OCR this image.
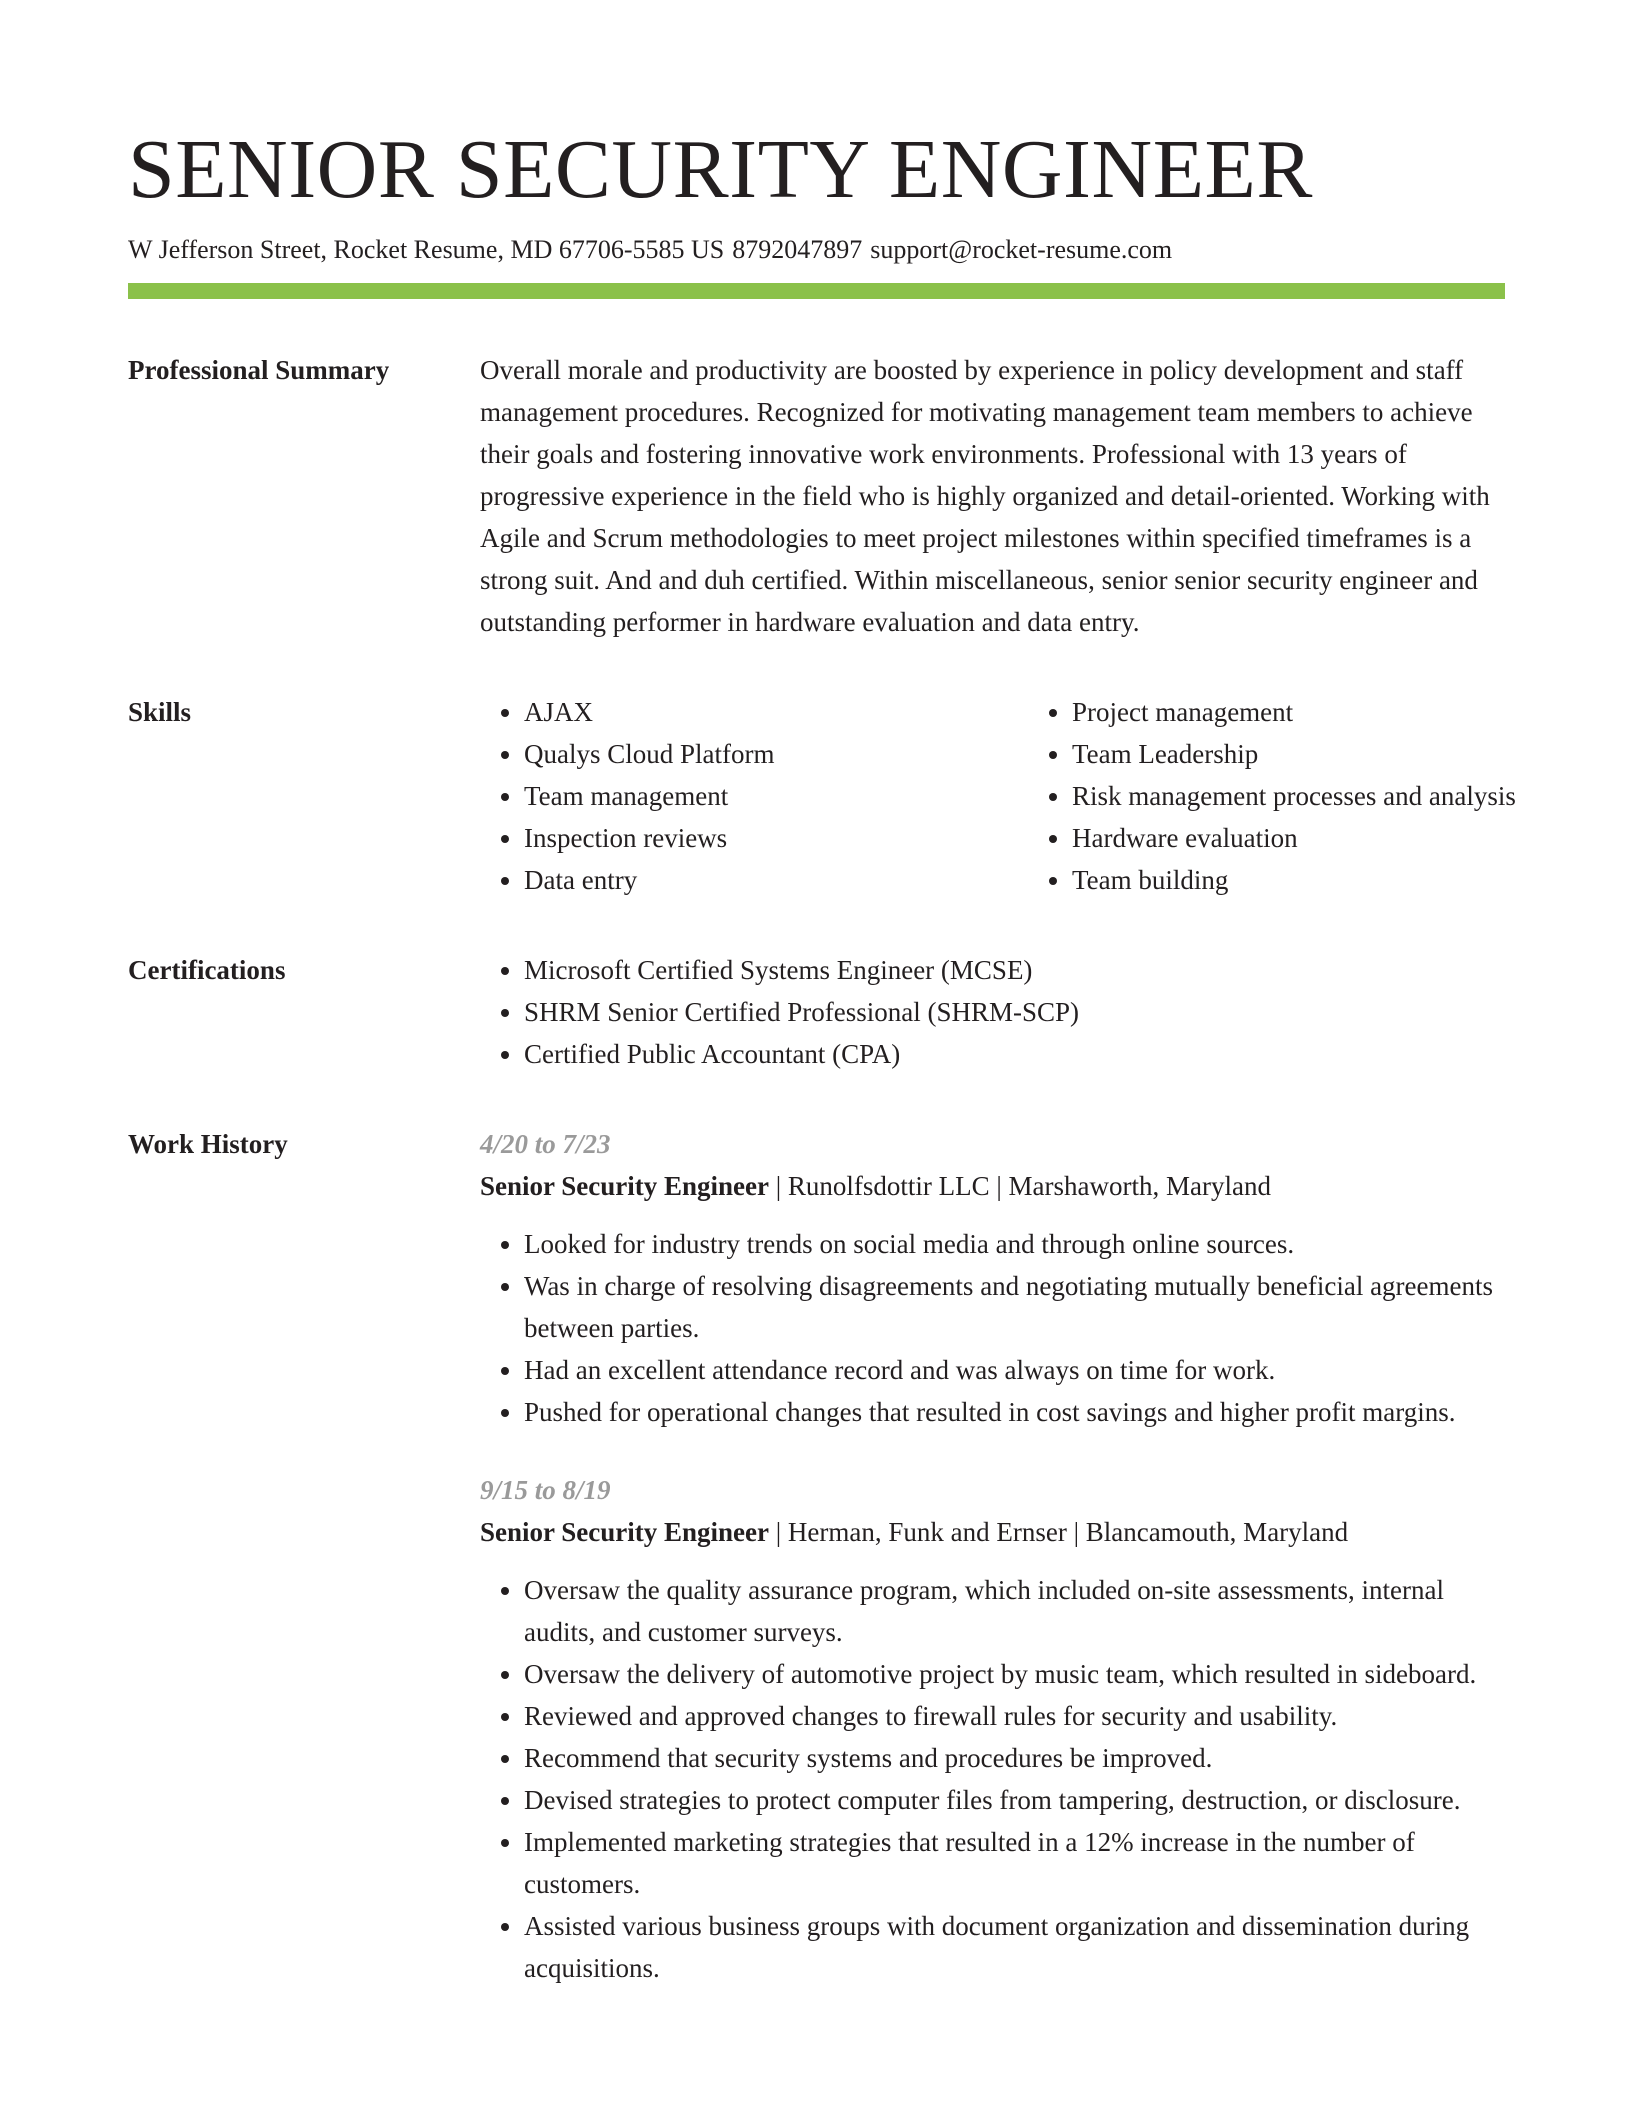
SENIOR SECURITY ENGINEER
W Jefferson Street, Rocket Resume, MD 67706-5585 US 8792047897 support@rocket-resume.com
Professional Summary	Overall morale and productivity are boosted by experience in policy development and staff management procedures. Recognized for motivating management team members to achieve their goals and fostering innovative work environments. Professional with 13 years of progressive experience in the field who is highly organized and detail-oriented. Working with Agile and Scrum methodologies to meet project milestones within specified timeframes is a strong suit. And and duh certified. Within miscellaneous, senior senior security engineer and outstanding performer in hardware evaluation and data entry.

Skills	• AJAX
• Qualys Cloud Platform
• Team management
• Inspection reviews
• Data entry
• Project management
• Team Leadership
• Risk management processes and analysis
• Hardware evaluation
• Team building
Certifications	• Microsoft Certified Systems Engineer (MCSE)
• SHRM Senior Certified Professional (SHRM-SCP)
• Certified Public Accountant (CPA)
Work History	4/20 to 7/23
Senior Security Engineer | Runolfsdottir LLC | Marshaworth, Maryland
• Looked for industry trends on social media and through online sources.
• Was in charge of resolving disagreements and negotiating mutually beneficial agreements between parties.
• Had an excellent attendance record and was always on time for work.
• Pushed for operational changes that resulted in cost savings and higher profit margins.
9/15 to 8/19
Senior Security Engineer | Herman, Funk and Ernser | Blancamouth, Maryland
• Oversaw the quality assurance program, which included on-site assessments, internal audits, and customer surveys.
• Oversaw the delivery of automotive project by music team, which resulted in sideboard.
• Reviewed and approved changes to firewall rules for security and usability.
• Recommend that security systems and procedures be improved.
• Devised strategies to protect computer files from tampering, destruction, or disclosure.
• Implemented marketing strategies that resulted in a 12% increase in the number of customers.
• Assisted various business groups with document organization and dissemination during acquisitions.
